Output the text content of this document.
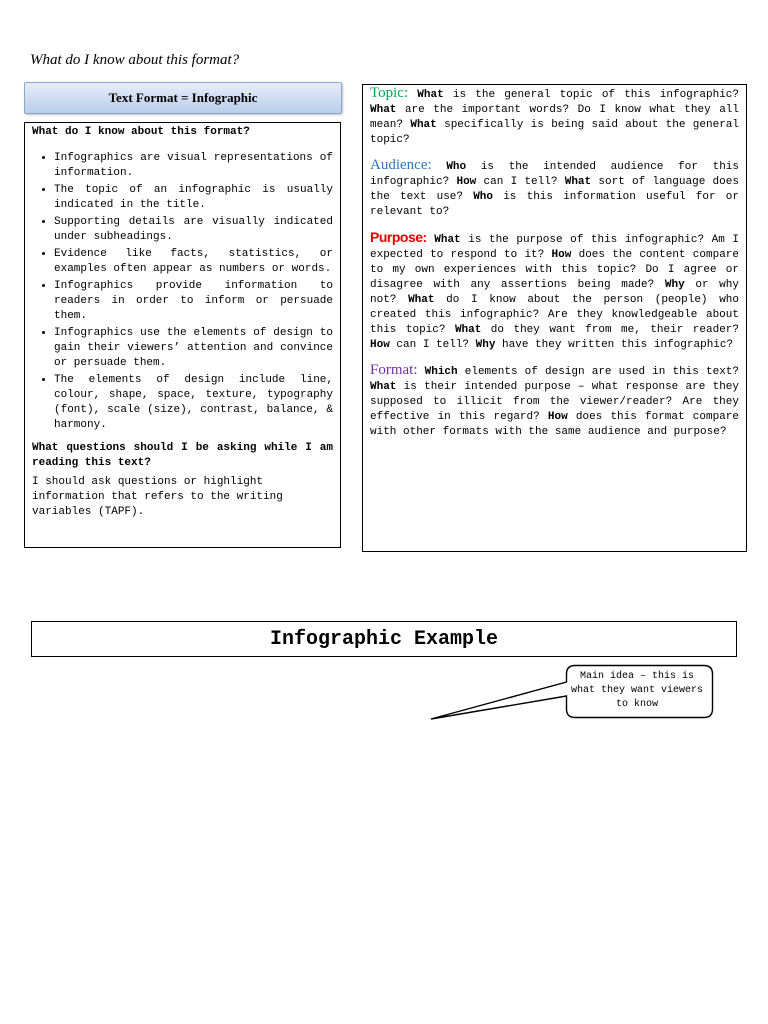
What do I know about this format?
Text Format = Infographic

What do I know about this format?

• Infographics are visual representations of information.
• The topic of an infographic is usually indicated in the title.
• Supporting details are visually indicated under subheadings.
• Evidence like facts, statistics, or examples often appear as numbers or words.
• Infographics provide information to readers in order to inform or persuade them.
• Infographics use the elements of design to gain their viewers’ attention and convince or persuade them.
• The elements of design include line, colour, shape, space, texture, typography (font), scale (size), contrast, balance, & harmony.

What questions should I be asking while I am reading this text?

I should ask questions or highlight information that refers to the writing variables (TAPF).

Topic: What is the general topic of this infographic? What are the important words? Do I know what they all mean? What specifically is being said about the general topic?

Audience: Who is the intended audience for this infographic? How can I tell? What sort of language does the text use? Who is this information useful for or relevant to?

Purpose: What is the purpose of this infographic? Am I expected to respond to it? How does the content compare to my own experiences with this topic? Do I agree or disagree with any assertions being made? Why or why not? What do I know about the person (people) who created this infographic? Are they knowledgeable about this topic? What do they want from me, their reader? How can I tell? Why have they written this infographic?

Format: Which elements of design are used in this text? What is their intended purpose – what response are they supposed to illicit from the viewer/reader? Are they effective in this regard? How does this format compare with other formats with the same audience and purpose?

Infographic Example
Main idea – this is what they want viewers to know
